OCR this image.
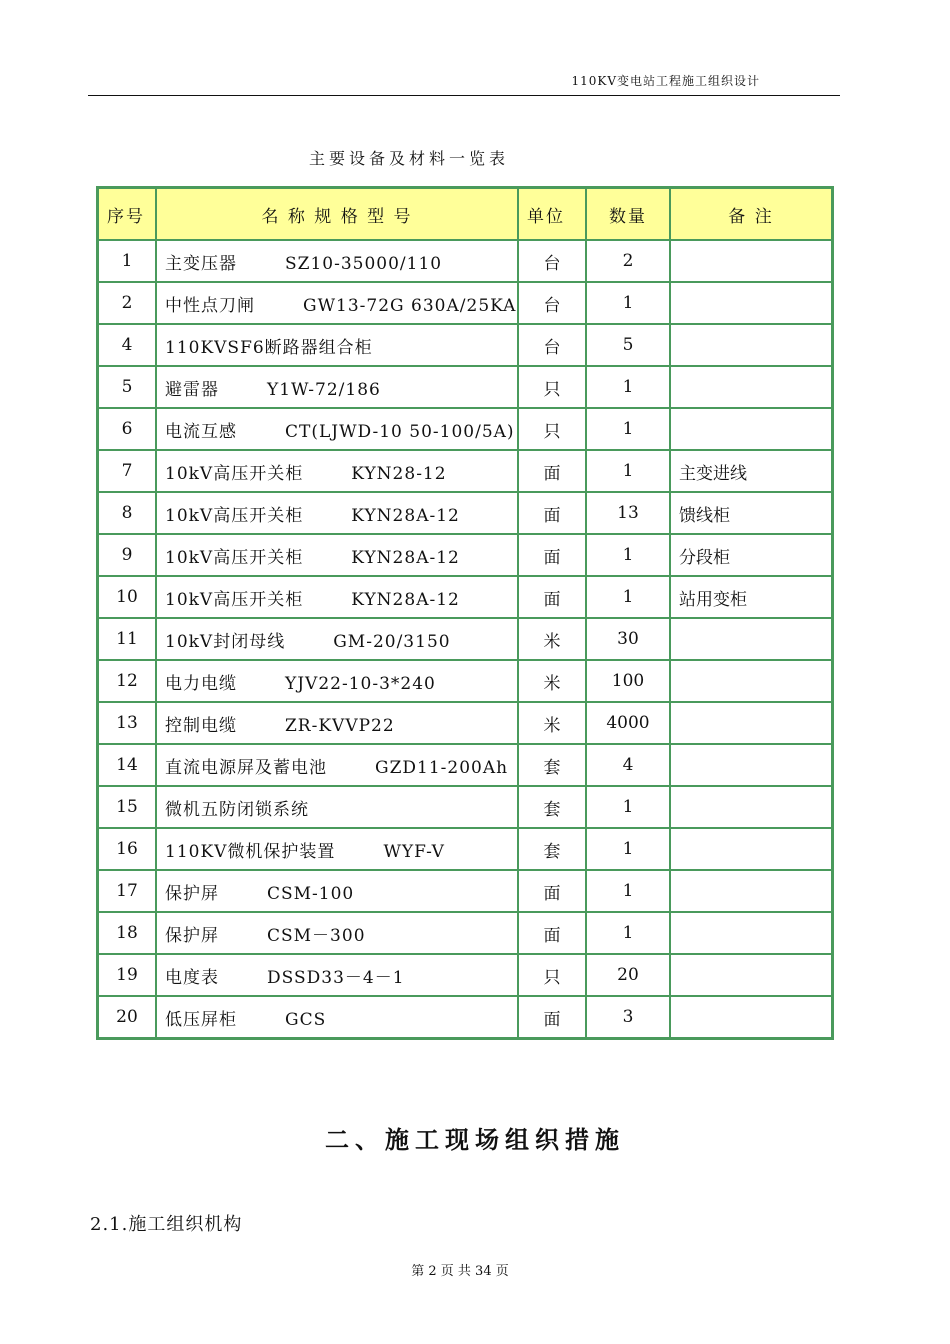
110KV变电站工程施工组织设计
主要设备及材料一览表
序号	名 称 规 格 型 号	单位	数量	备 注
1	主变压器 SZ10-35000/110	台	2	
2	中性点刀闸 GW13-72G 630A/25KA	台	1	
4	110KVSF6断路器组合柜	台	5	
5	避雷器 Y1W-72/186	只	1	
6	电流互感 CT(LJWD-10 50-100/5A)	只	1	
7	10kV高压开关柜 KYN28-12	面	1	主变进线
8	10kV高压开关柜 KYN28A-12	面	13	馈线柜
9	10kV高压开关柜 KYN28A-12	面	1	分段柜
10	10kV高压开关柜 KYN28A-12	面	1	站用变柜
11	10kV封闭母线 GM-20/3150	米	30	
12	电力电缆 YJV22-10-3*240	米	100	
13	控制电缆 ZR-KVVP22	米	4000	
14	直流电源屏及蓄电池 GZD11-200Ah	套	4	
15	微机五防闭锁系统	套	1	
16	110KV微机保护装置 WYF-V	套	1	
17	保护屏 CSM-100	面	1	
18	保护屏 CSM－300	面	1	
19	电度表 DSSD33－4－1	只	20	
20	低压屏柜 GCS	面	3	
二、施工现场组织措施
2.1.施工组织机构
第 2 页 共 34 页
